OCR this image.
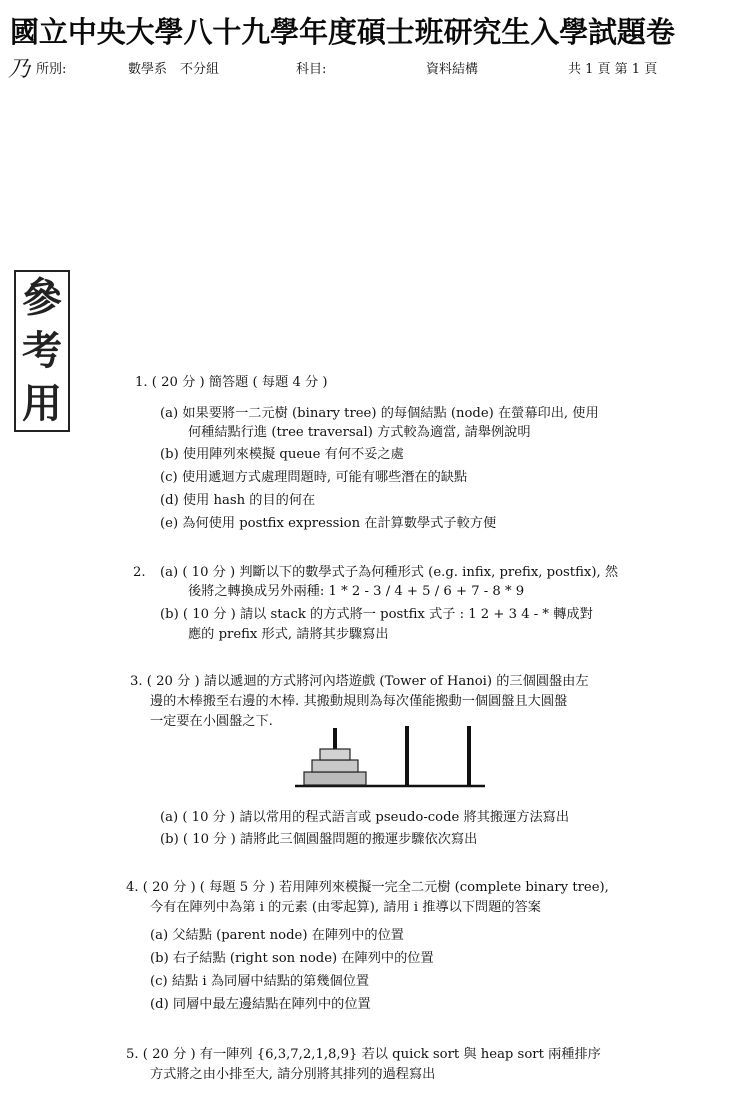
國立中央大學八十九學年度碩士班研究生入學試題卷
乃 所別:	數學系　不分組	科目:	資料結構	共 1 頁 第 1 頁
參
考
用	1. ( 20 分 ) 簡答題 ( 每題 4 分 )
(a) 如果要將一二元樹 (binary tree) 的每個結點 (node) 在螢幕印出, 使用
何種結點行進 (tree traversal) 方式較為適當, 請舉例說明
(b) 使用陣列來模擬 queue 有何不妥之處
(c) 使用遞迴方式處理問題時, 可能有哪些潛在的缺點
(d) 使用 hash 的目的何在
(e) 為何使用 postfix expression 在計算數學式子較方便
2. (a) ( 10 分 ) 判斷以下的數學式子為何種形式 (e.g. infix, prefix, postfix), 然
後將之轉換成另外兩種: 1 * 2 - 3 / 4 + 5 / 6 + 7 - 8 * 9
(b) ( 10 分 ) 請以 stack 的方式將一 postfix 式子 : 1 2 + 3 4 - * 轉成對
應的 prefix 形式, 請將其步驟寫出
3. ( 20 分 ) 請以遞迴的方式將河內塔遊戲 (Tower of Hanoi) 的三個圓盤由左
邊的木棒搬至右邊的木棒. 其搬動規則為每次僅能搬動一個圓盤且大圓盤
一定要在小圓盤之下.
(a) ( 10 分 ) 請以常用的程式語言或 pseudo-code 將其搬運方法寫出
(b) ( 10 分 ) 請將此三個圓盤問題的搬運步驟依次寫出
4. ( 20 分 ) ( 每題 5 分 ) 若用陣列來模擬一完全二元樹 (complete binary tree),
今有在陣列中為第 i 的元素 (由零起算), 請用 i 推導以下問題的答案
(a) 父結點 (parent node) 在陣列中的位置
(b) 右子結點 (right son node) 在陣列中的位置
(c) 結點 i 為同層中結點的第幾個位置
(d) 同層中最左邊結點在陣列中的位置
5. ( 20 分 ) 有一陣列 {6,3,7,2,1,8,9} 若以 quick sort 與 heap sort 兩種排序
方式將之由小排至大, 請分別將其排列的過程寫出
